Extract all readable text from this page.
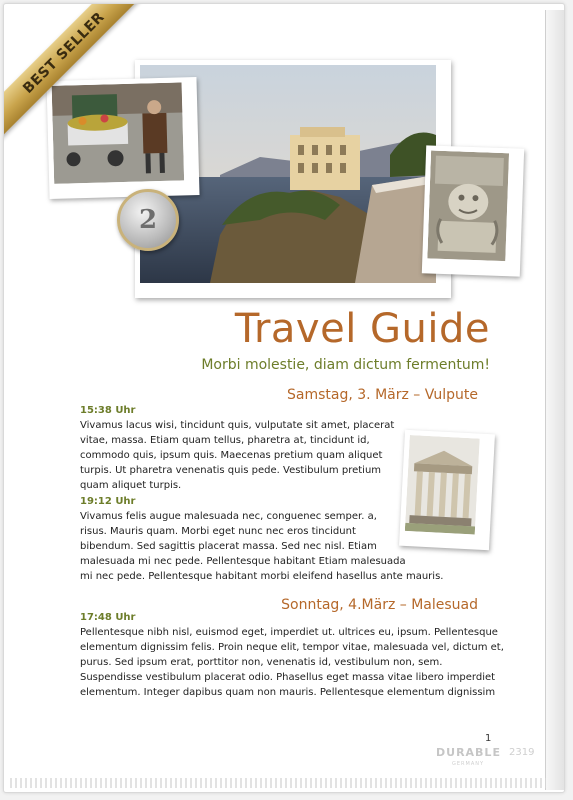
BEST SELLER
2
Travel Guide

Morbi molestie, diam dictum fermentum!

Samstag, 3. März – Vulpute
15:38 Uhr
Vivamus lacus wisi, tincidunt quis, vulputate sit amet, placerat
vitae, massa. Etiam quam tellus, pharetra at, tincidunt id,
commodo quis, ipsum quis. Maecenas pretium quam aliquet
turpis. Ut pharetra venenatis quis pede. Vestibulum pretium
quam aliquet turpis.
19:12 Uhr
Vivamus felis augue malesuada nec, conguenec semper. a,
risus. Mauris quam. Morbi eget nunc nec eros tincidunt
bibendum. Sed sagittis placerat massa. Sed nec nisl. Etiam
malesuada mi nec pede. Pellentesque habitant Etiam malesuada
mi nec pede. Pellentesque habitant morbi eleifend hasellus ante mauris.
Sonntag, 4.März – Malesuad
17:48 Uhr
Pellentesque nibh nisl, euismod eget, imperdiet ut. ultrices eu, ipsum. Pellentesque
elementum dignissim felis. Proin neque elit, tempor vitae, malesuada vel, dictum et,
purus. Sed ipsum erat, porttitor non, venenatis id, vestibulum non, sem.
Suspendisse vestibulum placerat odio. Phasellus eget massa vitae libero imperdiet
elementum. Integer dapibus quam non mauris. Pellentesque elementum dignissim
1
DURABLE 2319
GERMANY
